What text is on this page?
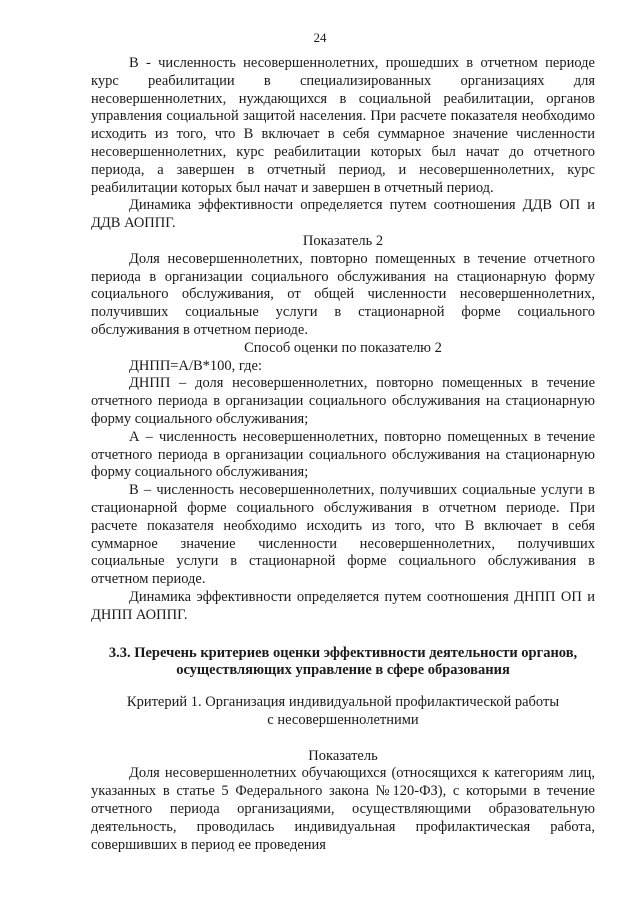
24

В - численность несовершеннолетних, прошедших в отчетном периоде курс реабилитации в специализированных организациях для несовершеннолетних, нуждающихся в социальной реабилитации, органов управления социальной защитой населения. При расчете показателя необходимо исходить из того, что В включает в себя суммарное значение численности несовершеннолетних, курс реабилитации которых был начат до отчетного периода, а завершен в отчетный период, и несовершеннолетних, курс реабилитации которых был начат и завершен в отчетный период.

Динамика эффективности определяется путем соотношения ДДВ ОП и ДДВ АОППГ.

Показатель 2

Доля несовершеннолетних, повторно помещенных в течение отчетного периода в организации социального обслуживания на стационарную форму социального обслуживания, от общей численности несовершеннолетних, получивших социальные услуги в стационарной форме социального обслуживания в отчетном периоде.

Способ оценки по показателю 2

ДНПП=А/В*100, где:

ДНПП – доля несовершеннолетних, повторно помещенных в течение отчетного периода в организации социального обслуживания на стационарную форму социального обслуживания;

А – численность несовершеннолетних, повторно помещенных в течение отчетного периода в организации социального обслуживания на стационарную форму социального обслуживания;

В – численность несовершеннолетних, получивших социальные услуги в стационарной форме социального обслуживания в отчетном периоде. При расчете показателя необходимо исходить из того, что В включает в себя суммарное значение численности несовершеннолетних, получивших социальные услуги в стационарной форме социального обслуживания в отчетном периоде.

Динамика эффективности определяется путем соотношения ДНПП ОП и ДНПП АОППГ.

3.3. Перечень критериев оценки эффективности деятельности органов,
осуществляющих управление в сфере образования
Критерий 1. Организация индивидуальной профилактической работы
с несовершеннолетними

Показатель

Доля несовершеннолетних обучающихся (относящихся к категориям лиц, указанных в статье 5 Федерального закона №120-ФЗ), с которыми в течение отчетного периода организациями, осуществляющими образовательную деятельность, проводилась индивидуальная профилактическая работа, совершивших в период ее проведения
